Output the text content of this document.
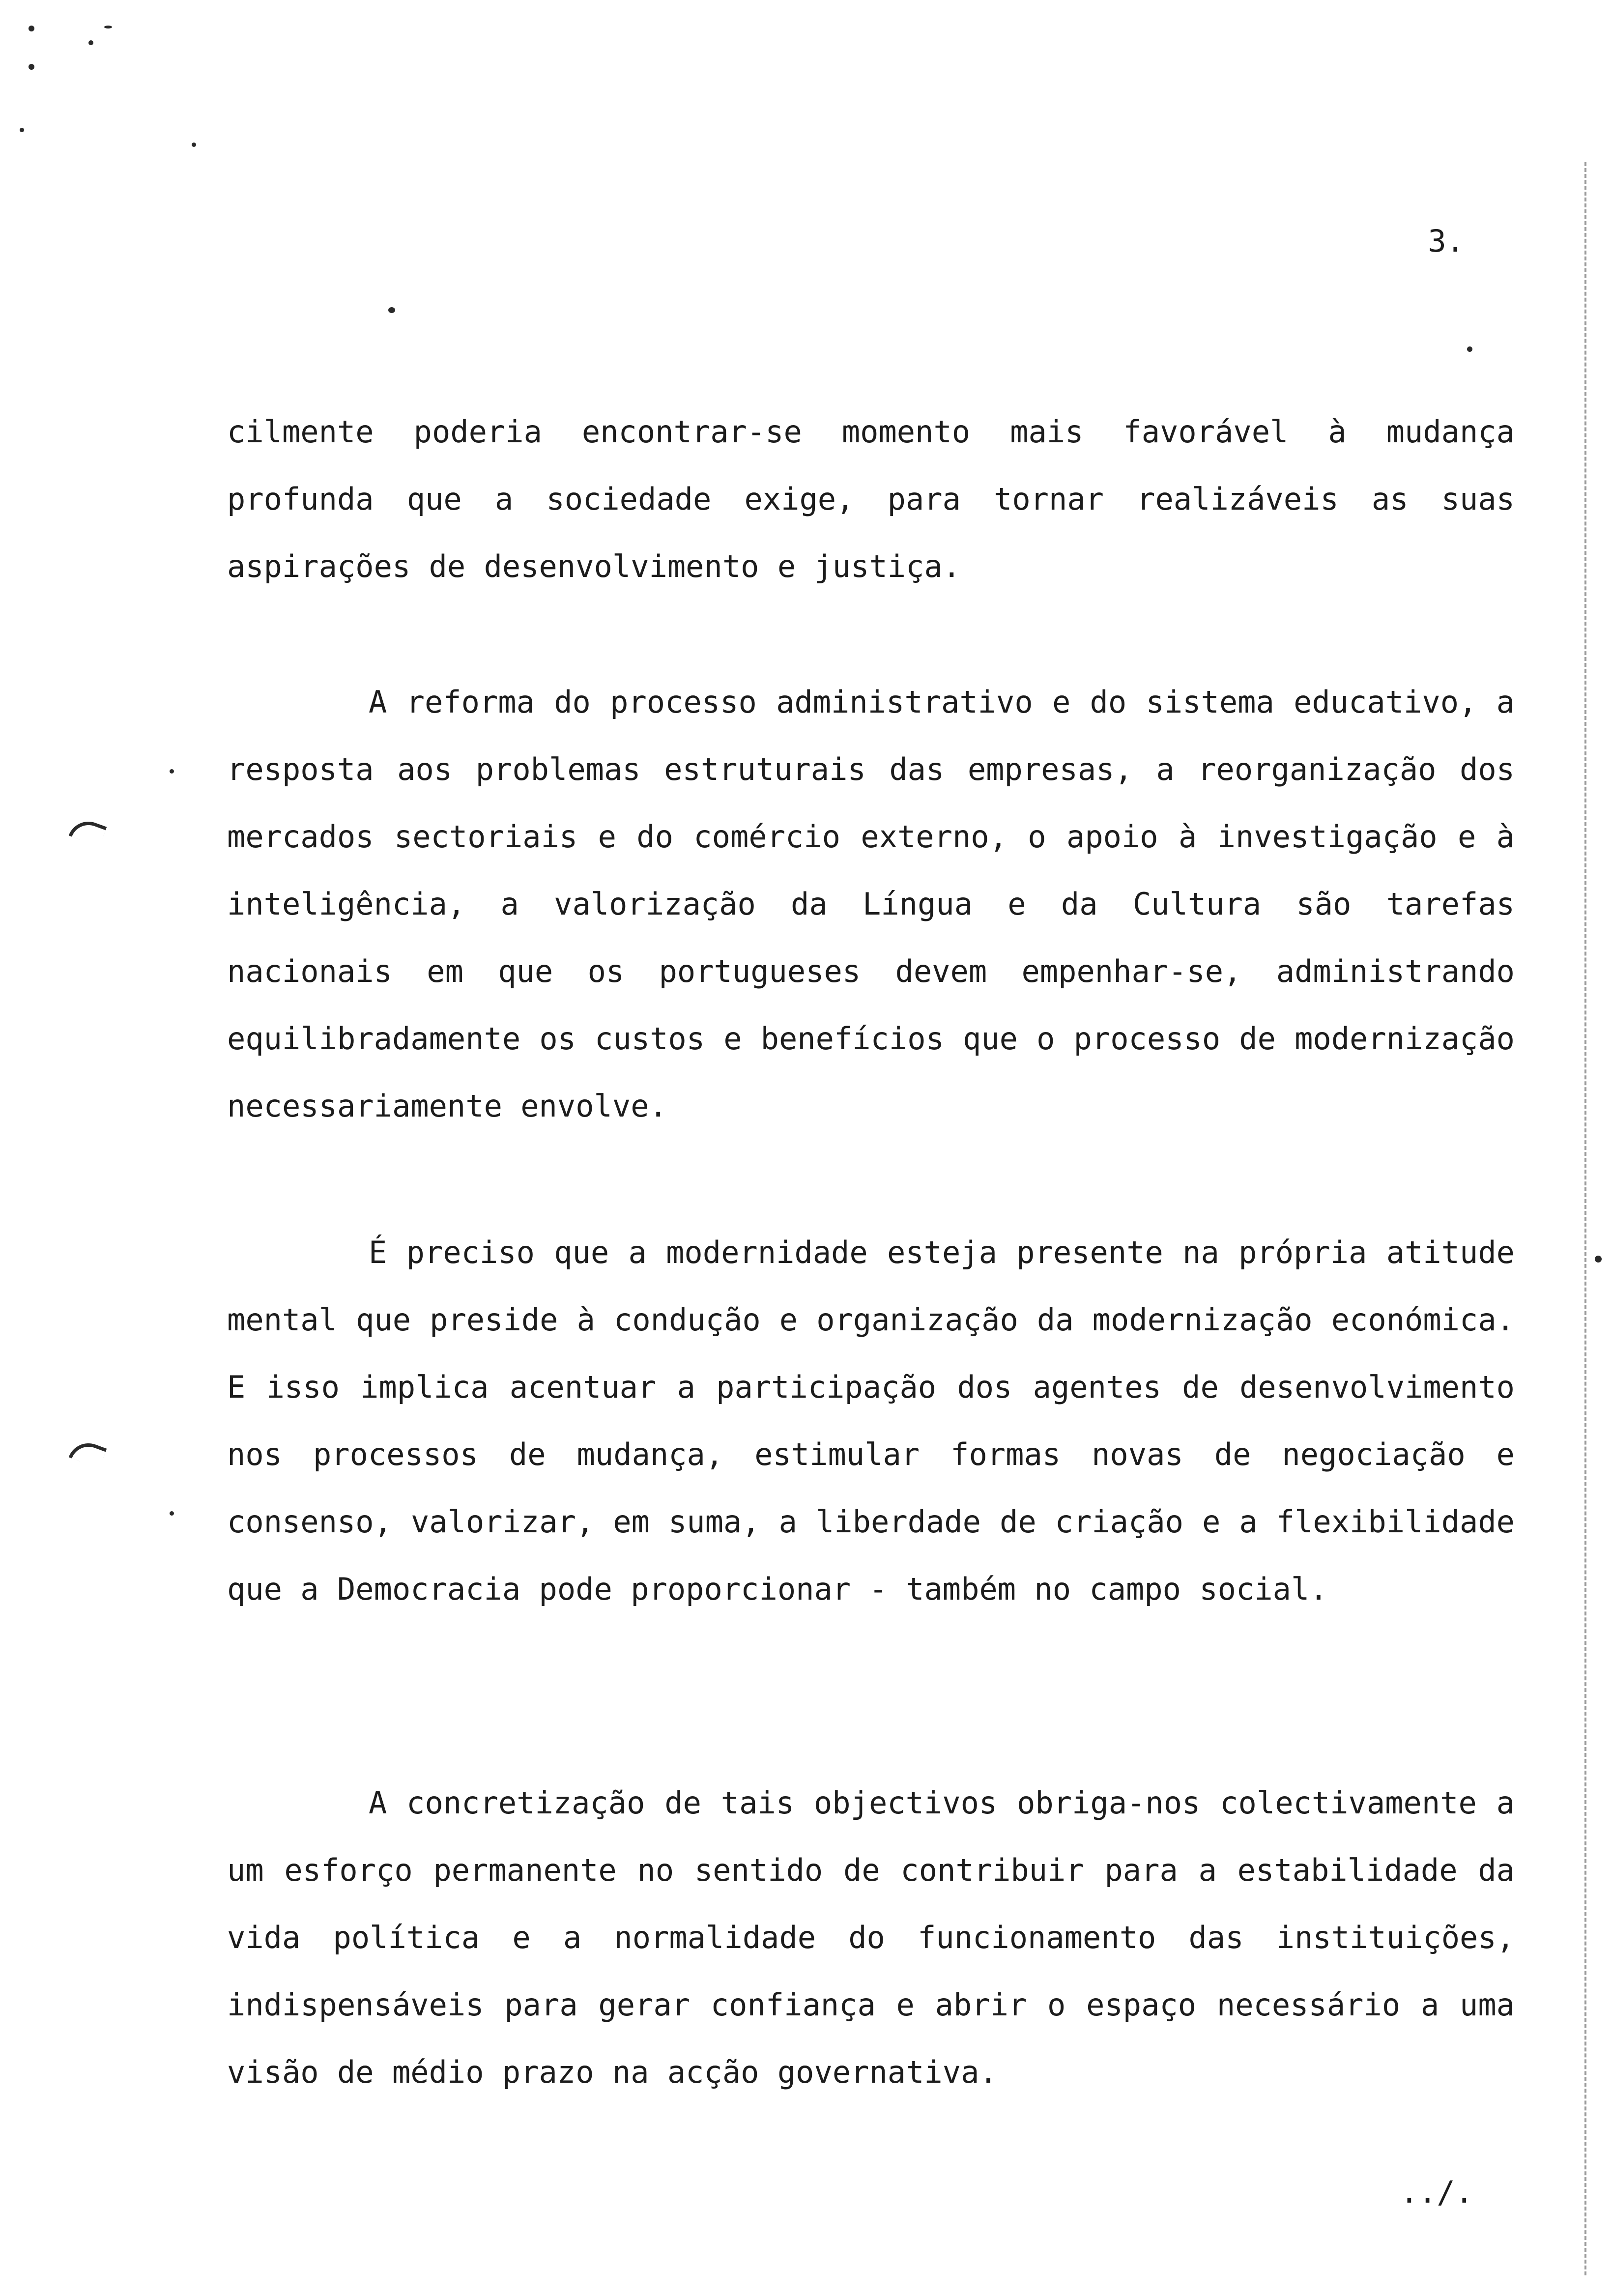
3.

cilmente poderia encontrar-se momento mais favorável à mudança profunda que a sociedade exige, para tornar realizáveis as suas aspirações de desenvolvimento e justiça.

A reforma do processo administrativo e do sistema educativo, a resposta aos problemas estruturais das empresas, a reorganização dos mercados sectoriais e do comércio externo, o apoio à investigação e à inteligência, a valorização da Língua e da Cultura são tarefas nacionais em que os portugueses devem empenhar-se, administrando equilibradamente os custos e benefícios que o processo de modernização necessariamente envolve.

É preciso que a modernidade esteja presente na própria atitude mental que preside à condução e organização da modernização económica. E isso implica acentuar a participação dos agentes de desenvolvimento nos processos de mudança, estimular formas novas de negociação e consenso, valorizar, em suma, a liberdade de criação e a flexibilidade que a Democracia pode proporcionar - também no campo social.

A concretização de tais objectivos obriga-nos colectivamente a um esforço permanente no sentido de contribuir para a estabilidade da vida política e a normalidade do funcionamento das instituições, indispensáveis para gerar confiança e abrir o espaço necessário a uma visão de médio prazo na acção governativa.

../.
